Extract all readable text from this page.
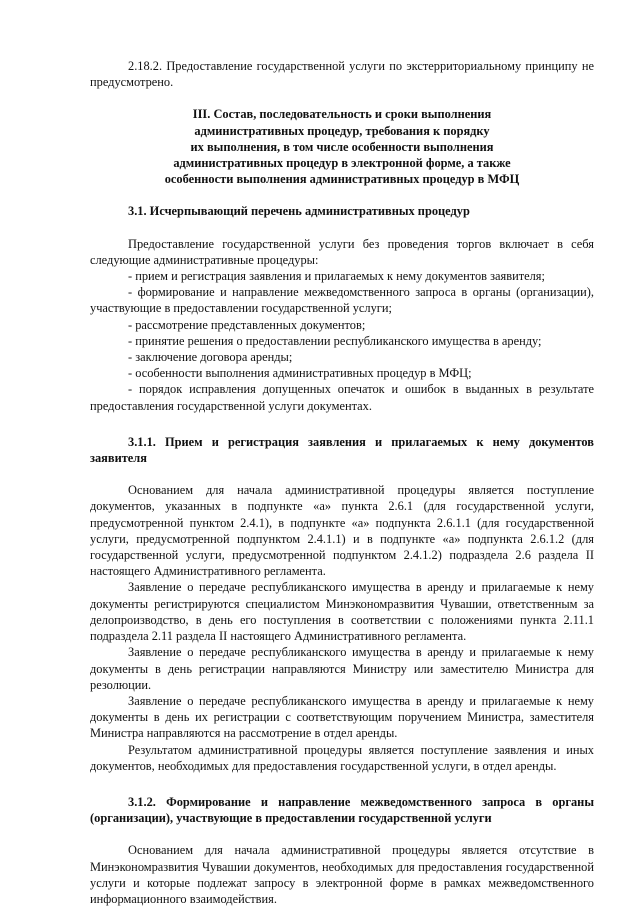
2.18.2. Предоставление государственной услуги по экстерриториальному принципу не предусмотрено.

III. Состав, последовательность и сроки выполнения

административных процедур, требования к порядку

их выполнения, в том числе особенности выполнения

административных процедур в электронной форме, а также

особенности выполнения административных процедур в МФЦ

3.1. Исчерпывающий перечень административных процедур

Предоставление государственной услуги без проведения торгов включает в себя следующие административные процедуры:

- прием и регистрация заявления и прилагаемых к нему документов заявителя;

- формирование и направление межведомственного запроса в органы (организации), участвующие в предоставлении государственной услуги;

- рассмотрение представленных документов;

- принятие решения о предоставлении республиканского имущества в аренду;

- заключение договора аренды;

- особенности выполнения административных процедур в МФЦ;

- порядок исправления допущенных опечаток и ошибок в выданных в результате предоставления государственной услуги документах.

3.1.1. Прием и регистрация заявления и прилагаемых к нему документов заявителя

Основанием для начала административной процедуры является поступление документов, указанных в подпункте «а» пункта 2.6.1 (для государственной услуги, предусмотренной пунктом 2.4.1), в подпункте «а» подпункта 2.6.1.1 (для государственной услуги, предусмотренной подпунктом 2.4.1.1) и в подпункте «а» подпункта 2.6.1.2 (для государственной услуги, предусмотренной подпунктом 2.4.1.2) подраздела 2.6 раздела II настоящего Административного регламента.

Заявление о передаче республиканского имущества в аренду и прилагаемые к нему документы регистрируются специалистом Минэкономразвития Чувашии, ответственным за делопроизводство, в день его поступления в соответствии с положениями пункта 2.11.1 подраздела 2.11 раздела II настоящего Административного регламента.

Заявление о передаче республиканского имущества в аренду и прилагаемые к нему документы в день регистрации направляются Министру или заместителю Министра для резолюции.

Заявление о передаче республиканского имущества в аренду и прилагаемые к нему документы в день их регистрации с соответствующим поручением Министра, заместителя Министра направляются на рассмотрение в отдел аренды.

Результатом административной процедуры является поступление заявления и иных документов, необходимых для предоставления государственной услуги, в отдел аренды.

3.1.2. Формирование и направление межведомственного запроса в органы (организации), участвующие в предоставлении государственной услуги

Основанием для начала административной процедуры является отсутствие в Минэкономразвития Чувашии документов, необходимых для предоставления государственной услуги и которые подлежат запросу в электронной форме в рамках межведомственного информационного взаимодействия.
